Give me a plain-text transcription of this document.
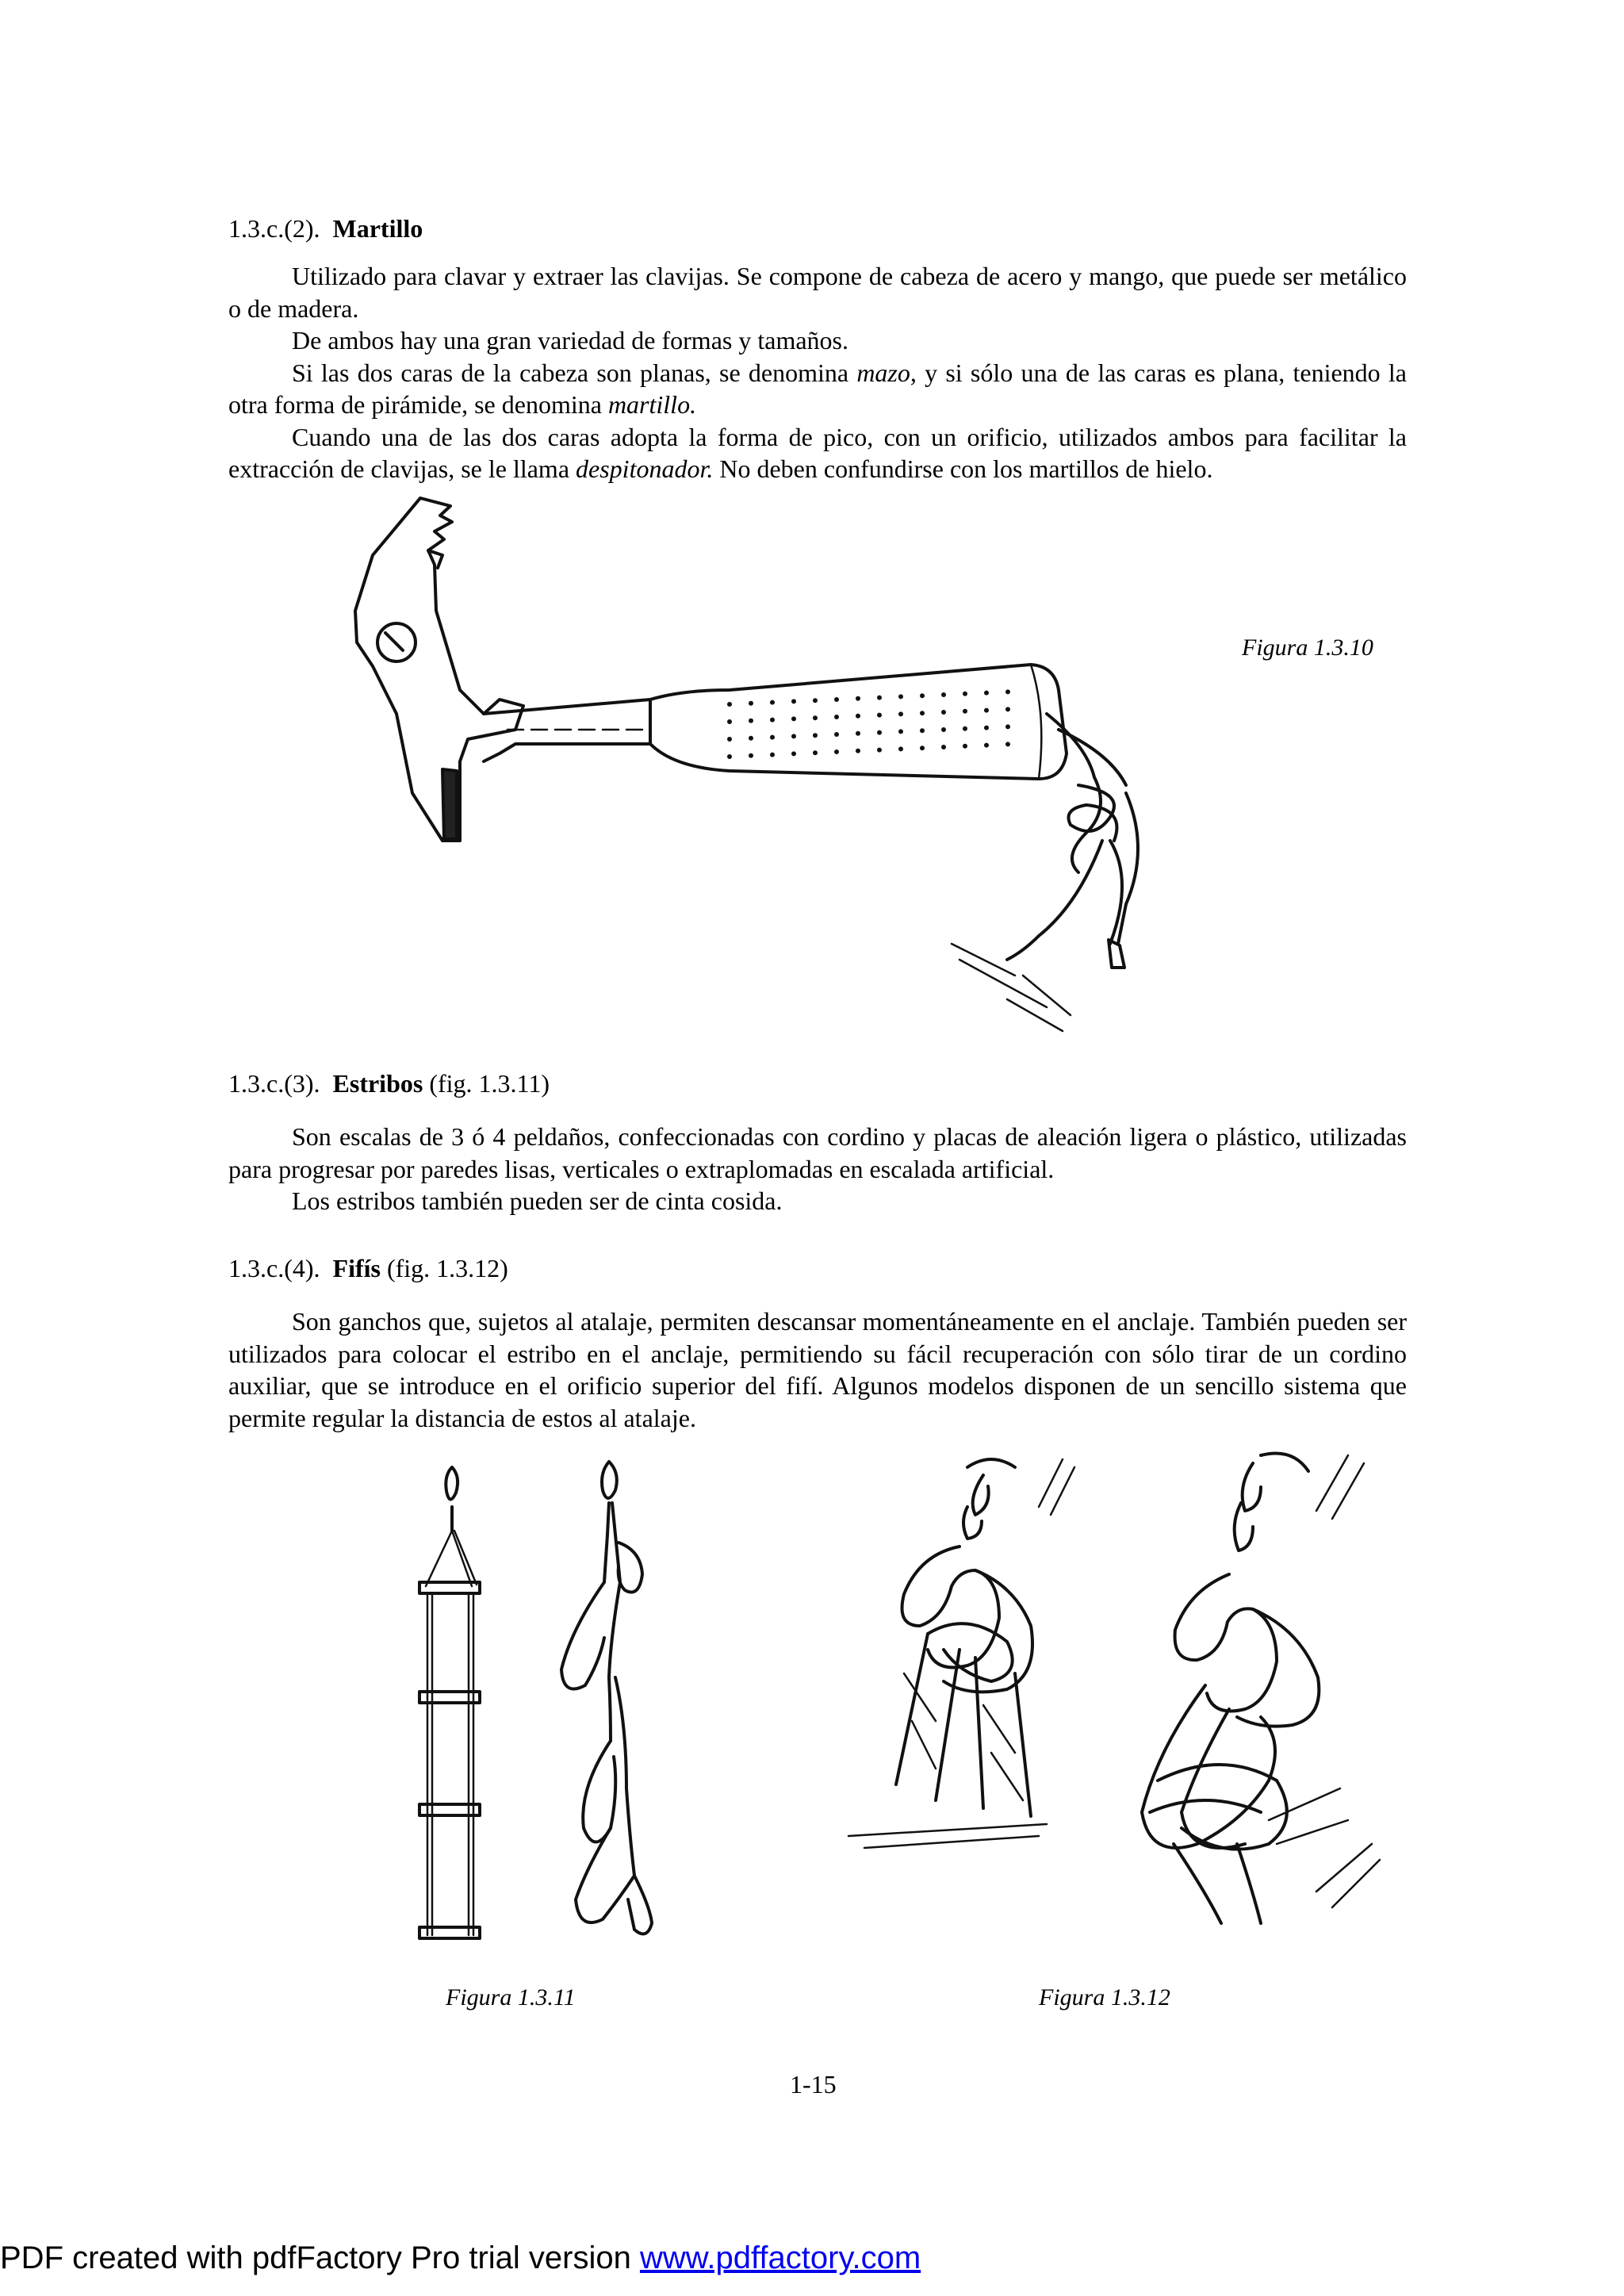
1.3.c.(2). Martillo

Utilizado para clavar y extraer las clavijas. Se compone de cabeza de acero y mango, que puede ser metálico o de madera.

De ambos hay una gran variedad de formas y tamaños.

Si las dos caras de la cabeza son planas, se denomina mazo, y si sólo una de las caras es plana, teniendo la otra forma de pirámide, se denomina martillo.

Cuando una de las dos caras adopta la forma de pico, con un orificio, utilizados ambos para facilitar la extracción de clavijas, se le llama despitonador. No deben confundirse con los martillos de hielo.

Figura 1.3.10
1.3.c.(3). Estribos (fig. 1.3.11)

Son escalas de 3 ó 4 peldaños, confeccionadas con cordino y placas de aleación ligera o plástico, utilizadas para progresar por paredes lisas, verticales o extraplomadas en escalada artificial.

Los estribos también pueden ser de cinta cosida.

1.3.c.(4). Fifís (fig. 1.3.12)

Son ganchos que, sujetos al atalaje, permiten descansar momentáneamente en el anclaje. También pueden ser utilizados para colocar el estribo en el anclaje, permitiendo su fácil recuperación con sólo tirar de un cordino auxiliar, que se introduce en el orificio superior del fifí. Algunos modelos disponen de un sencillo sistema que permite regular la distancia de estos al atalaje.

Figura 1.3.11	Figura 1.3.12
1-15
PDF created with pdfFactory Pro trial version www.pdffactory.com
